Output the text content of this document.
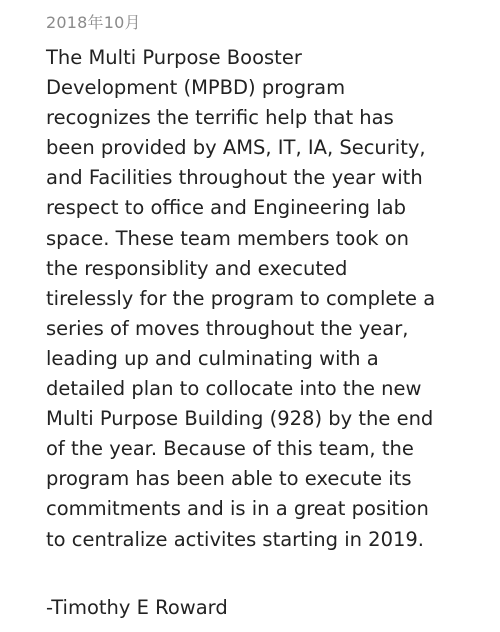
2018年10月
The Multi Purpose Booster
Development (MPBD) program
recognizes the terrific help that has
been provided by AMS, IT, IA, Security,
and Facilities throughout the year with
respect to office and Engineering lab
space. These team members took on
the responsiblity and executed
tirelessly for the program to complete a
series of moves throughout the year,
leading up and culminating with a
detailed plan to collocate into the new
Multi Purpose Building (928) by the end
of the year. Because of this team, the
program has been able to execute its
commitments and is in a great position
to centralize activites starting in 2019.
-Timothy E Roward
